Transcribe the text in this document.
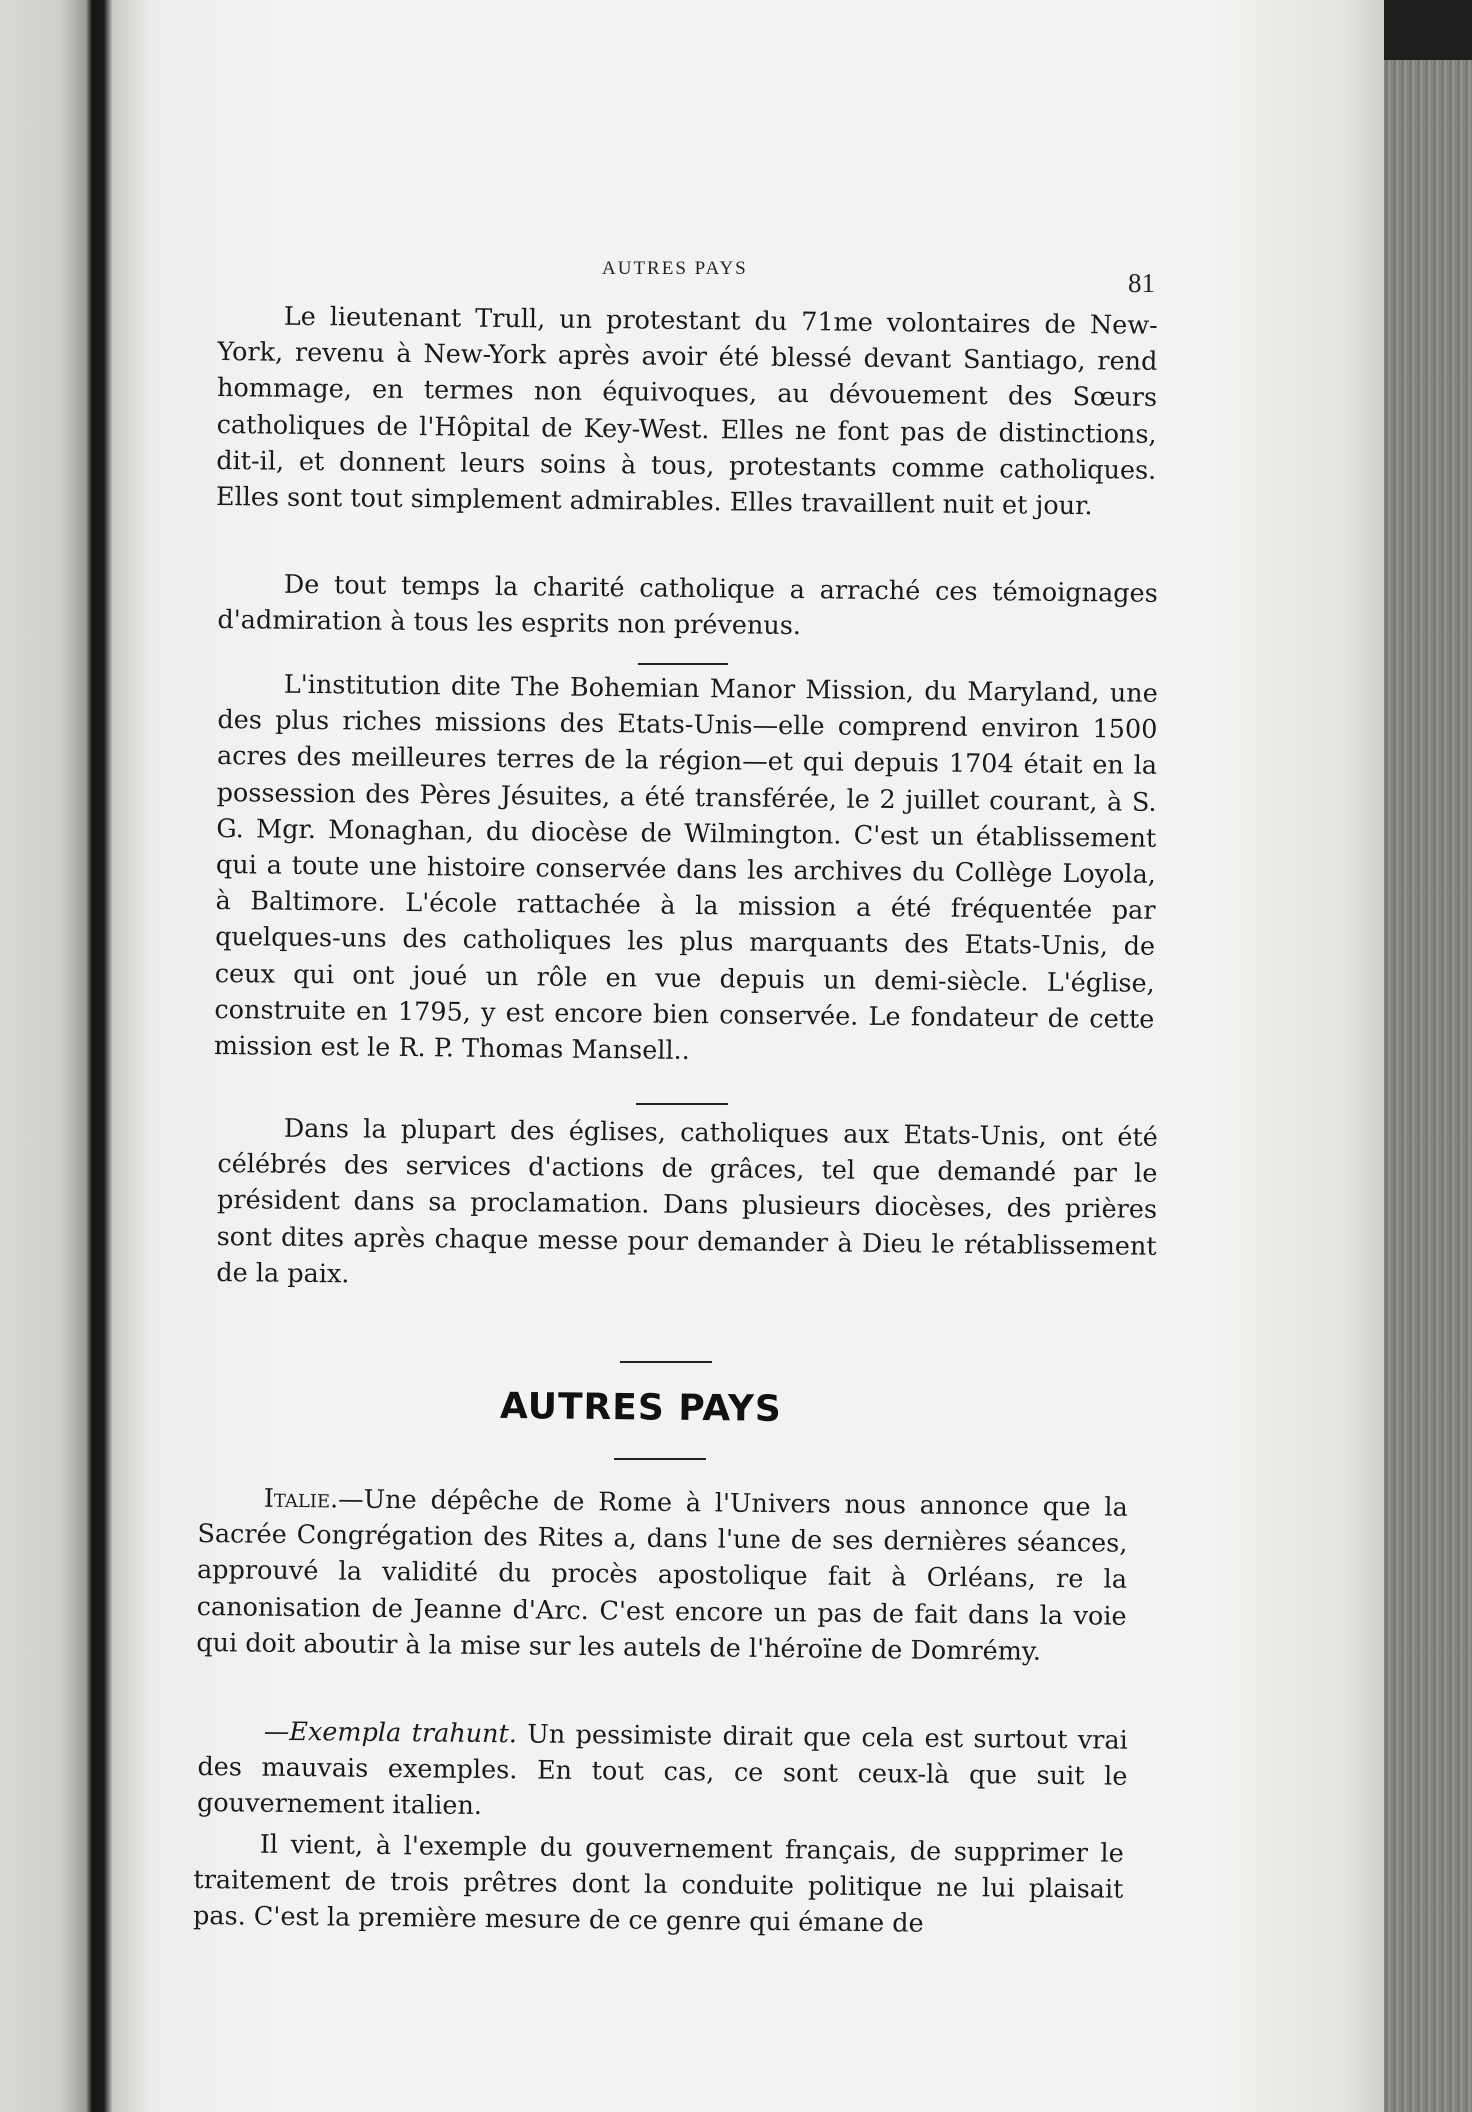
AUTRES PAYS	81

Le lieutenant Trull, un protestant du 71me volontaires de New-York, revenu à New-York après avoir été blessé devant Santiago, rend hommage, en termes non équivoques, au dévouement des Sœurs catholiques de l'Hôpital de Key-West. Elles ne font pas de distinctions, dit-il, et donnent leurs soins à tous, protestants comme catholiques. Elles sont tout simplement admirables. Elles travaillent nuit et jour.

De tout temps la charité catholique a arraché ces témoignages d'admiration à tous les esprits non prévenus.

L'institution dite The Bohemian Manor Mission, du Maryland, une des plus riches missions des Etats-Unis—elle comprend environ 1500 acres des meilleures terres de la région—et qui depuis 1704 était en la possession des Pères Jésuites, a été transférée, le 2 juillet courant, à S. G. Mgr. Monaghan, du diocèse de Wilmington. C'est un établissement qui a toute une histoire conservée dans les archives du Collège Loyola, à Baltimore. L'école rattachée à la mission a été fréquentée par quelques-uns des catholiques les plus marquants des Etats-Unis, de ceux qui ont joué un rôle en vue depuis un demi-siècle. L'église, construite en 1795, y est encore bien conservée. Le fondateur de cette mission est le R. P. Thomas Mansell..

Dans la plupart des églises, catholiques aux Etats-Unis, ont été célébrés des services d'actions de grâces, tel que demandé par le président dans sa proclamation. Dans plusieurs diocèses, des prières sont dites après chaque messe pour demander à Dieu le rétablissement de la paix.

AUTRES PAYS

Italie.—Une dépêche de Rome à l'Univers nous annonce que la Sacrée Congrégation des Rites a, dans l'une de ses dernières séances, approuvé la validité du procès apostolique fait à Orléans, re la canonisation de Jeanne d'Arc. C'est encore un pas de fait dans la voie qui doit aboutir à la mise sur les autels de l'héroïne de Domrémy.

—Exempla trahunt. Un pessimiste dirait que cela est surtout vrai des mauvais exemples. En tout cas, ce sont ceux-là que suit le gouvernement italien.

Il vient, à l'exemple du gouvernement français, de supprimer le traitement de trois prêtres dont la conduite politique ne lui plaisait pas. C'est la première mesure de ce genre qui émane de
